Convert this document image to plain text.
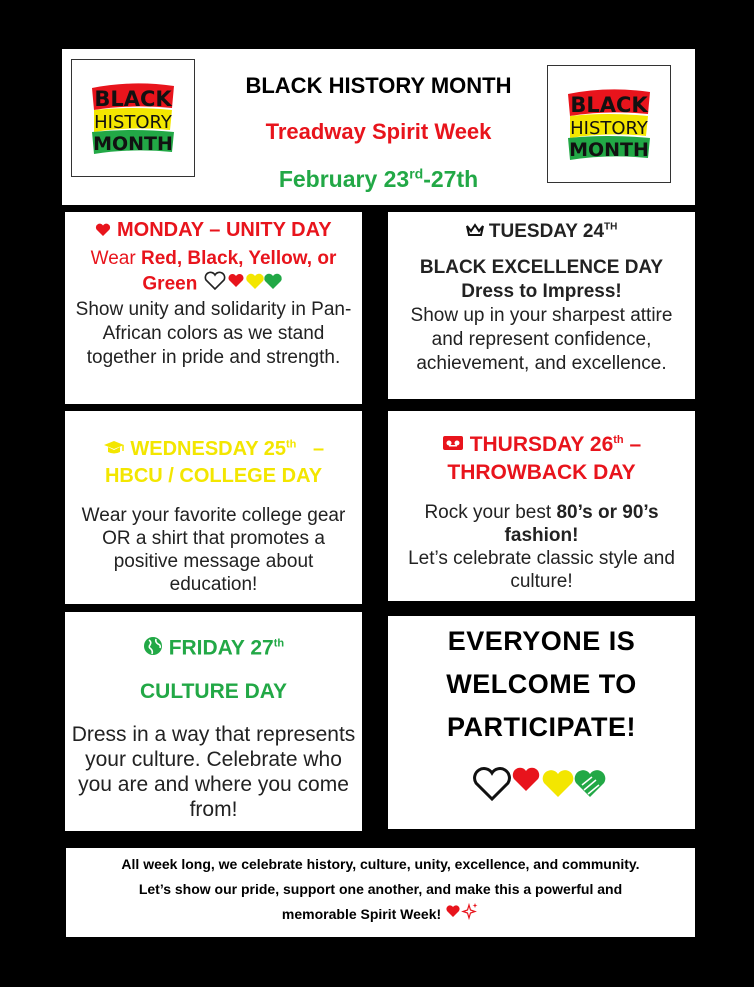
BLACK
HISTORY
MONTH
BLACK HISTORY MONTH
Treadway Spirit Week
February 23rd-27th
BLACK
HISTORY
MONTH
MONDAY – UNITY DAY
Wear Red, Black, Yellow, or
Green
Show unity and solidarity in Pan-African colors as we stand together in pride and strength.
TUESDAY 24TH
BLACK EXCELLENCE DAY
Dress to Impress!
Show up in your sharpest attire and represent confidence, achievement, and excellence.
WEDNESDAY 25th   –
HBCU / COLLEGE DAY
Wear your favorite college gear OR a shirt that promotes a positive message about education!
THURSDAY 26th –
THROWBACK DAY
Rock your best 80’s or 90’s fashion!
Let’s celebrate classic style and culture!
FRIDAY 27th
CULTURE DAY
Dress in a way that represents your culture. Celebrate who you are and where you come from!
EVERYONE IS
WELCOME TO
PARTICIPATE!
All week long, we celebrate history, culture, unity, excellence, and community.
Let’s show our pride, support one another, and make this a powerful and
memorable Spirit Week!
